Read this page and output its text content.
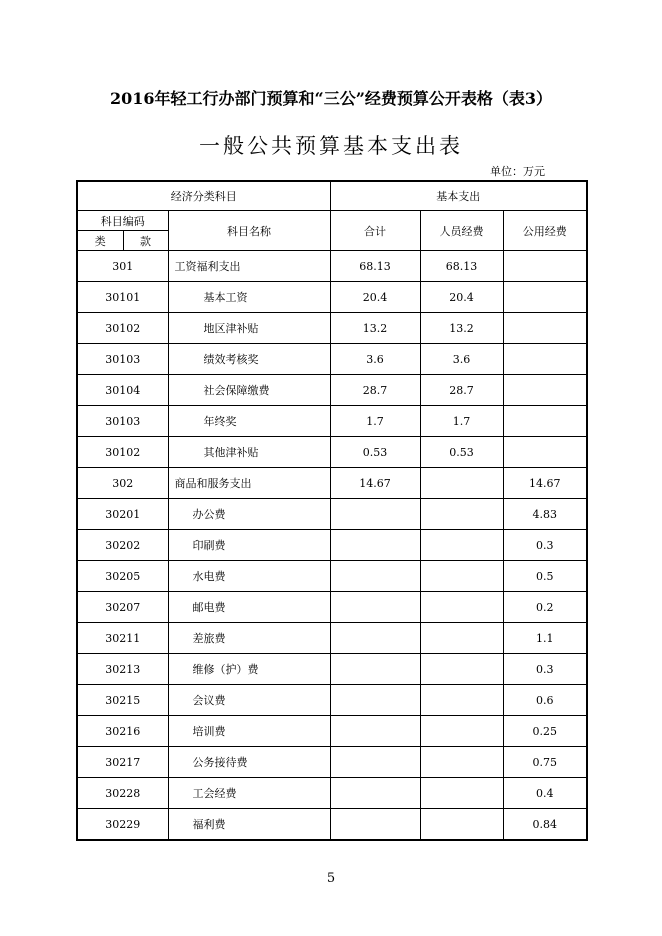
2016年轻工行办部门预算和“三公”经费预算公开表格（表3）
一般公共预算基本支出表
单位：万元
经济分类科目			基本支出		
科目编码		科目名称	合计	人员经费	公用经费
类	款				
301		工资福利支出	68.13	68.13	
30101		基本工资	20.4	20.4	
30102		地区津补贴	13.2	13.2	
30103		绩效考核奖	3.6	3.6	
30104		社会保障缴费	28.7	28.7	
30103		年终奖	1.7	1.7	
30102		其他津补贴	0.53	0.53	
302		商品和服务支出	14.67		14.67
30201		办公费			4.83
30202		印刷费			0.3
30205		水电费			0.5
30207		邮电费			0.2
30211		差旅费			1.1
30213		维修（护）费			0.3
30215		会议费			0.6
30216		培训费			0.25
30217		公务接待费			0.75
30228		工会经费			0.4
30229		福利费			0.84
5
